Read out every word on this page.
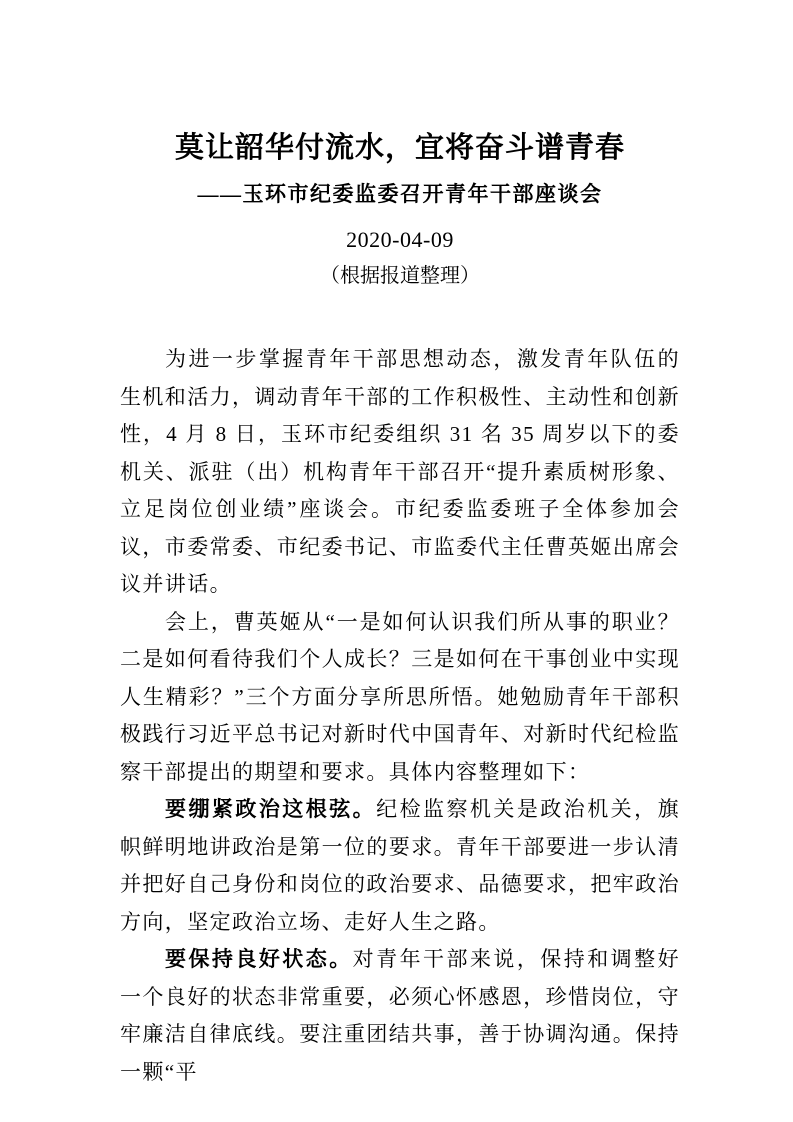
莫让韶华付流水，宜将奋斗谱青春
——玉环市纪委监委召开青年干部座谈会
2020-04-09
（根据报道整理）

为进一步掌握青年干部思想动态，激发青年队伍的生机和活力，调动青年干部的工作积极性、主动性和创新性，4 月 8 日，玉环市纪委组织 31 名 35 周岁以下的委机关、派驻（出）机构青年干部召开“提升素质树形象、立足岗位创业绩”座谈会。市纪委监委班子全体参加会议，市委常委、市纪委书记、市监委代主任曹英姬出席会议并讲话。

会上，曹英姬从“一是如何认识我们所从事的职业？二是如何看待我们个人成长？三是如何在干事创业中实现人生精彩？”三个方面分享所思所悟。她勉励青年干部积极践行习近平总书记对新时代中国青年、对新时代纪检监察干部提出的期望和要求。具体内容整理如下：

要绷紧政治这根弦。纪检监察机关是政治机关，旗帜鲜明地讲政治是第一位的要求。青年干部要进一步认清并把好自己身份和岗位的政治要求、品德要求，把牢政治方向，坚定政治立场、走好人生之路。

要保持良好状态。对青年干部来说，保持和调整好一个良好的状态非常重要，必须心怀感恩，珍惜岗位，守牢廉洁自律底线。要注重团结共事，善于协调沟通。保持一颗“平
